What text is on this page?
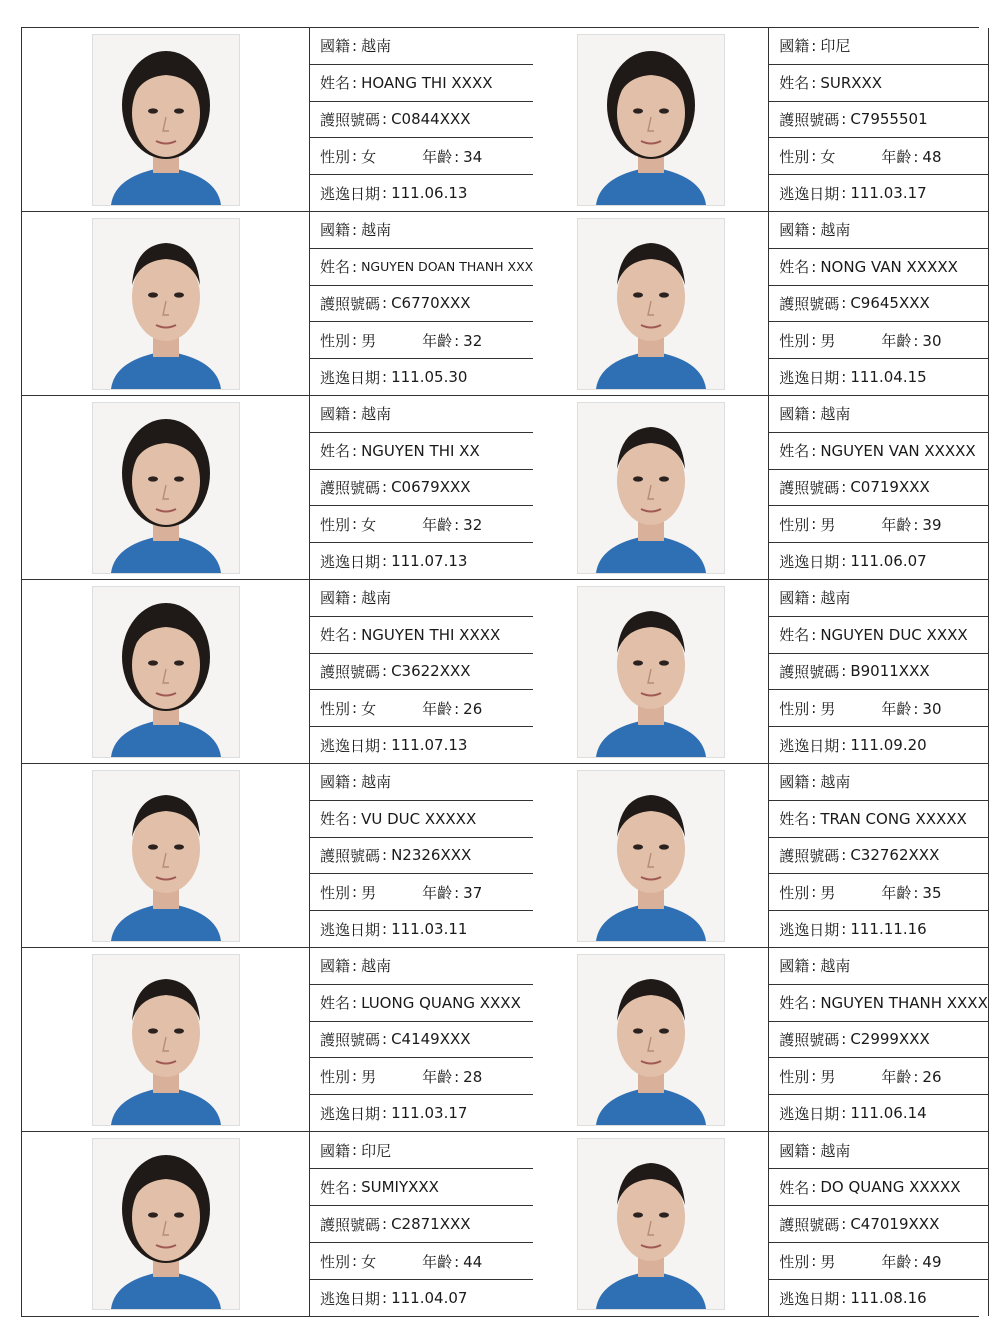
國籍 : 越南
姓名 : HOANG THI XXXX
護照號碼 : C0844XXX
性別 : 女	年齡 : 34
逃逸日期 : 111.06.13
國籍 : 印尼
姓名 : SURXXX
護照號碼 : C7955501
性別 : 女	年齡 : 48
逃逸日期 : 111.03.17
國籍 : 越南
姓名 : NGUYEN DOAN THANH XXX
護照號碼 : C6770XXX
性別 : 男	年齡 : 32
逃逸日期 : 111.05.30
國籍 : 越南
姓名 : NONG VAN XXXXX
護照號碼 : C9645XXX
性別 : 男	年齡 : 30
逃逸日期 : 111.04.15
國籍 : 越南
姓名 : NGUYEN THI XX
護照號碼 : C0679XXX
性別 : 女	年齡 : 32
逃逸日期 : 111.07.13
國籍 : 越南
姓名 : NGUYEN VAN XXXXX
護照號碼 : C0719XXX
性別 : 男	年齡 : 39
逃逸日期 : 111.06.07
國籍 : 越南
姓名 : NGUYEN THI XXXX
護照號碼 : C3622XXX
性別 : 女	年齡 : 26
逃逸日期 : 111.07.13
國籍 : 越南
姓名 : NGUYEN DUC XXXX
護照號碼 : B9011XXX
性別 : 男	年齡 : 30
逃逸日期 : 111.09.20
國籍 : 越南
姓名 : VU DUC XXXXX
護照號碼 : N2326XXX
性別 : 男	年齡 : 37
逃逸日期 : 111.03.11
國籍 : 越南
姓名 : TRAN CONG XXXXX
護照號碼 : C32762XXX
性別 : 男	年齡 : 35
逃逸日期 : 111.11.16
國籍 : 越南
姓名 : LUONG QUANG XXXX
護照號碼 : C4149XXX
性別 : 男	年齡 : 28
逃逸日期 : 111.03.17
國籍 : 越南
姓名 : NGUYEN THANH XXXX
護照號碼 : C2999XXX
性別 : 男	年齡 : 26
逃逸日期 : 111.06.14
國籍 : 印尼
姓名 : SUMIYXXX
護照號碼 : C2871XXX
性別 : 女	年齡 : 44
逃逸日期 : 111.04.07
國籍 : 越南
姓名 : DO QUANG XXXXX
護照號碼 : C47019XXX
性別 : 男	年齡 : 49
逃逸日期 : 111.08.16
